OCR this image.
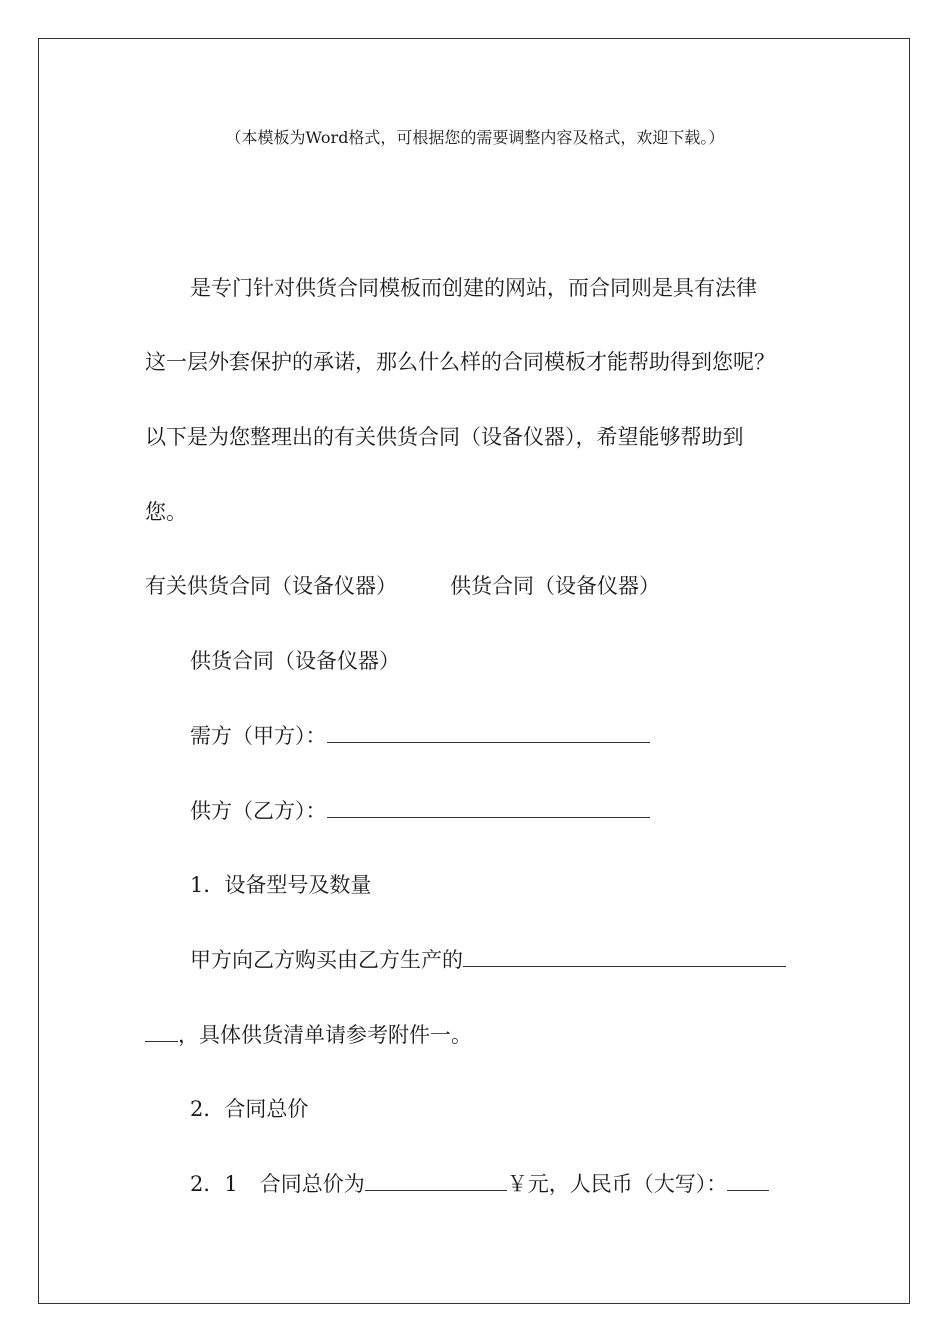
（本模板为Word格式，可根据您的需要调整内容及格式，欢迎下载。）
是专门针对供货合同模板而创建的网站，而合同则是具有法律
这一层外套保护的承诺，那么什么样的合同模板才能帮助得到您呢？
以下是为您整理出的有关供货合同（设备仪器），希望能够帮助到
您。
有关供货合同（设备仪器）	供货合同（设备仪器）
供货合同（设备仪器）
需方（甲方）：
供方（乙方）：
1．设备型号及数量
甲方向乙方购买由乙方生产的
，具体供货清单请参考附件一。
2．合同总价
2．1 合同总价为	￥元，人民币（大写）：
